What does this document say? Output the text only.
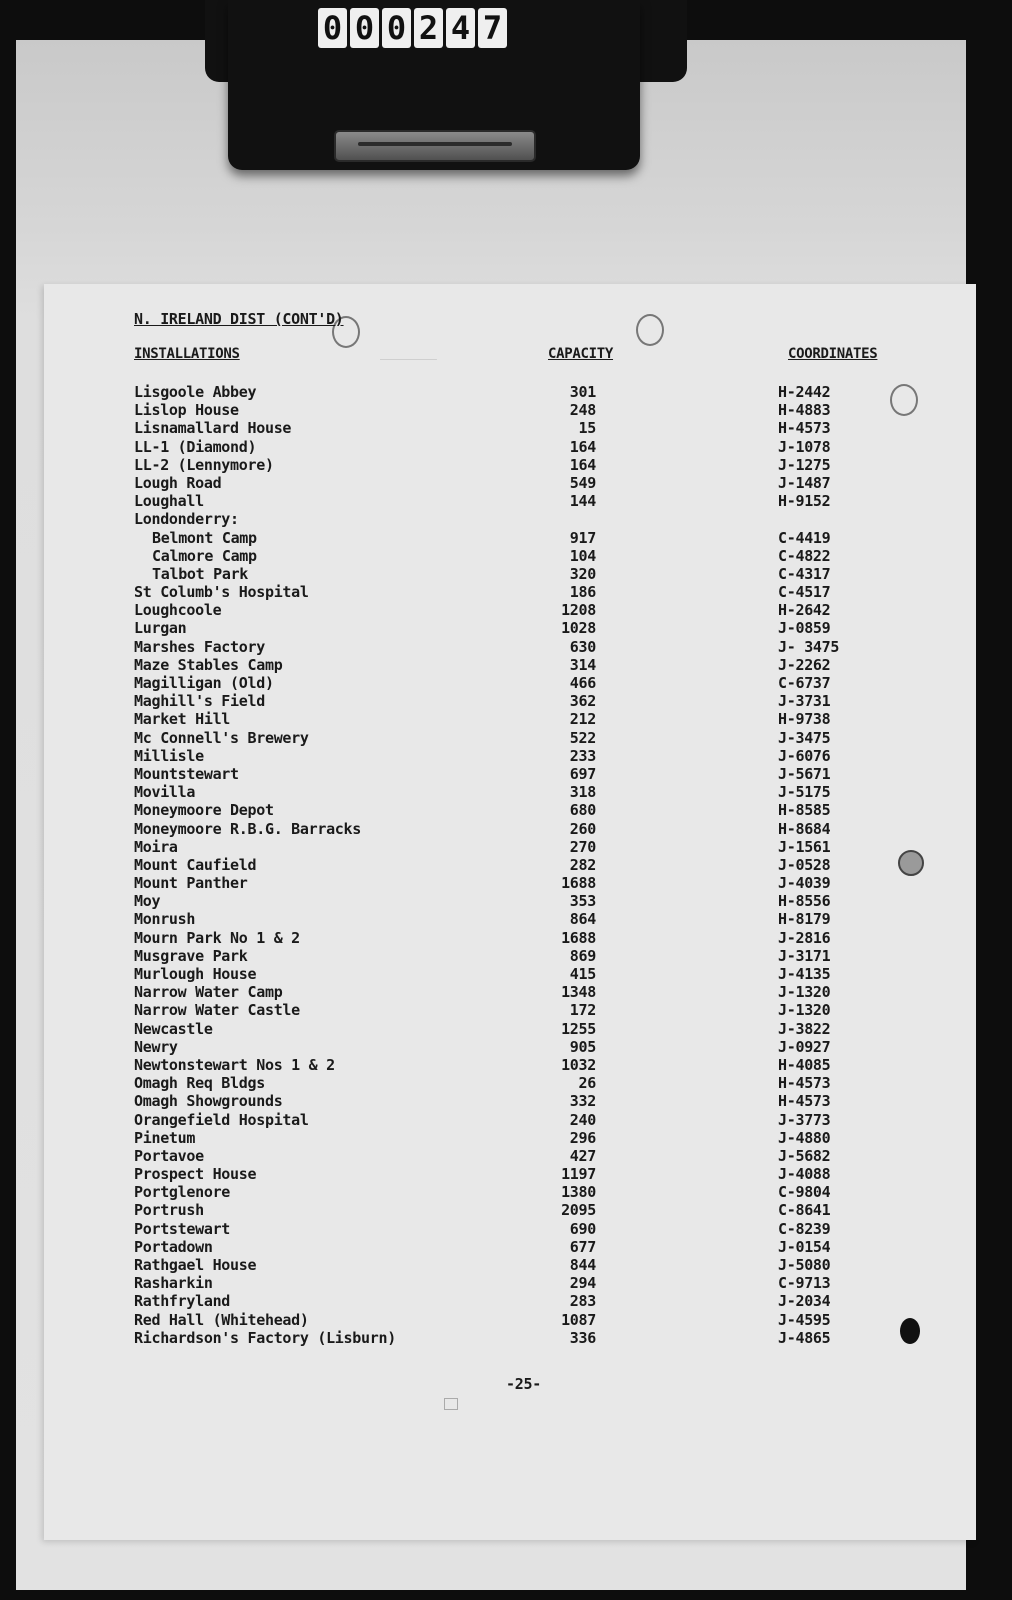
0 0 0 2 4 7
N. IRELAND DIST (CONT'D)
INSTALLATIONS
	CAPACITY	COORDINATES
Lisgoole Abbey	301	H-2442
Lislop House	248	H-4883
Lisnamallard House	15	H-4573
LL-1 (Diamond)	164	J-1078
LL-2 (Lennymore)	164	J-1275
Lough Road	549	J-1487
Loughall	144	H-9152
Londonderry:
Belmont Camp	917	C-4419
Calmore Camp	104	C-4822
Talbot Park	320	C-4317
St Columb's Hospital	186	C-4517
Loughcoole	1208	H-2642
Lurgan	1028	J-0859
Marshes Factory	630	J- 3475
Maze Stables Camp	314	J-2262
Magilligan (Old)	466	C-6737
Maghill's Field	362	J-3731
Market Hill	212	H-9738
Mc Connell's Brewery	522	J-3475
Millisle	233	J-6076
Mountstewart	697	J-5671
Movilla	318	J-5175
Moneymoore Depot	680	H-8585
Moneymoore R.B.G. Barracks	260	H-8684
Moira	270	J-1561
Mount Caufield	282	J-0528
Mount Panther	1688	J-4039
Moy	353	H-8556
Monrush	864	H-8179
Mourn Park No 1 & 2	1688	J-2816
Musgrave Park	869	J-3171
Murlough House	415	J-4135
Narrow Water Camp	1348	J-1320
Narrow Water Castle	172	J-1320
Newcastle	1255	J-3822
Newry	905	J-0927
Newtonstewart Nos 1 & 2	1032	H-4085
Omagh Req Bldgs	26	H-4573
Omagh Showgrounds	332	H-4573
Orangefield Hospital	240	J-3773
Pinetum	296	J-4880
Portavoe	427	J-5682
Prospect House	1197	J-4088
Portglenore	1380	C-9804
Portrush	2095	C-8641
Portstewart	690	C-8239
Portadown	677	J-0154
Rathgael House	844	J-5080
Rasharkin	294	C-9713
Rathfryland	283	J-2034
Red Hall (Whitehead)	1087	J-4595
Richardson's Factory (Lisburn)	336	J-4865
-25-
